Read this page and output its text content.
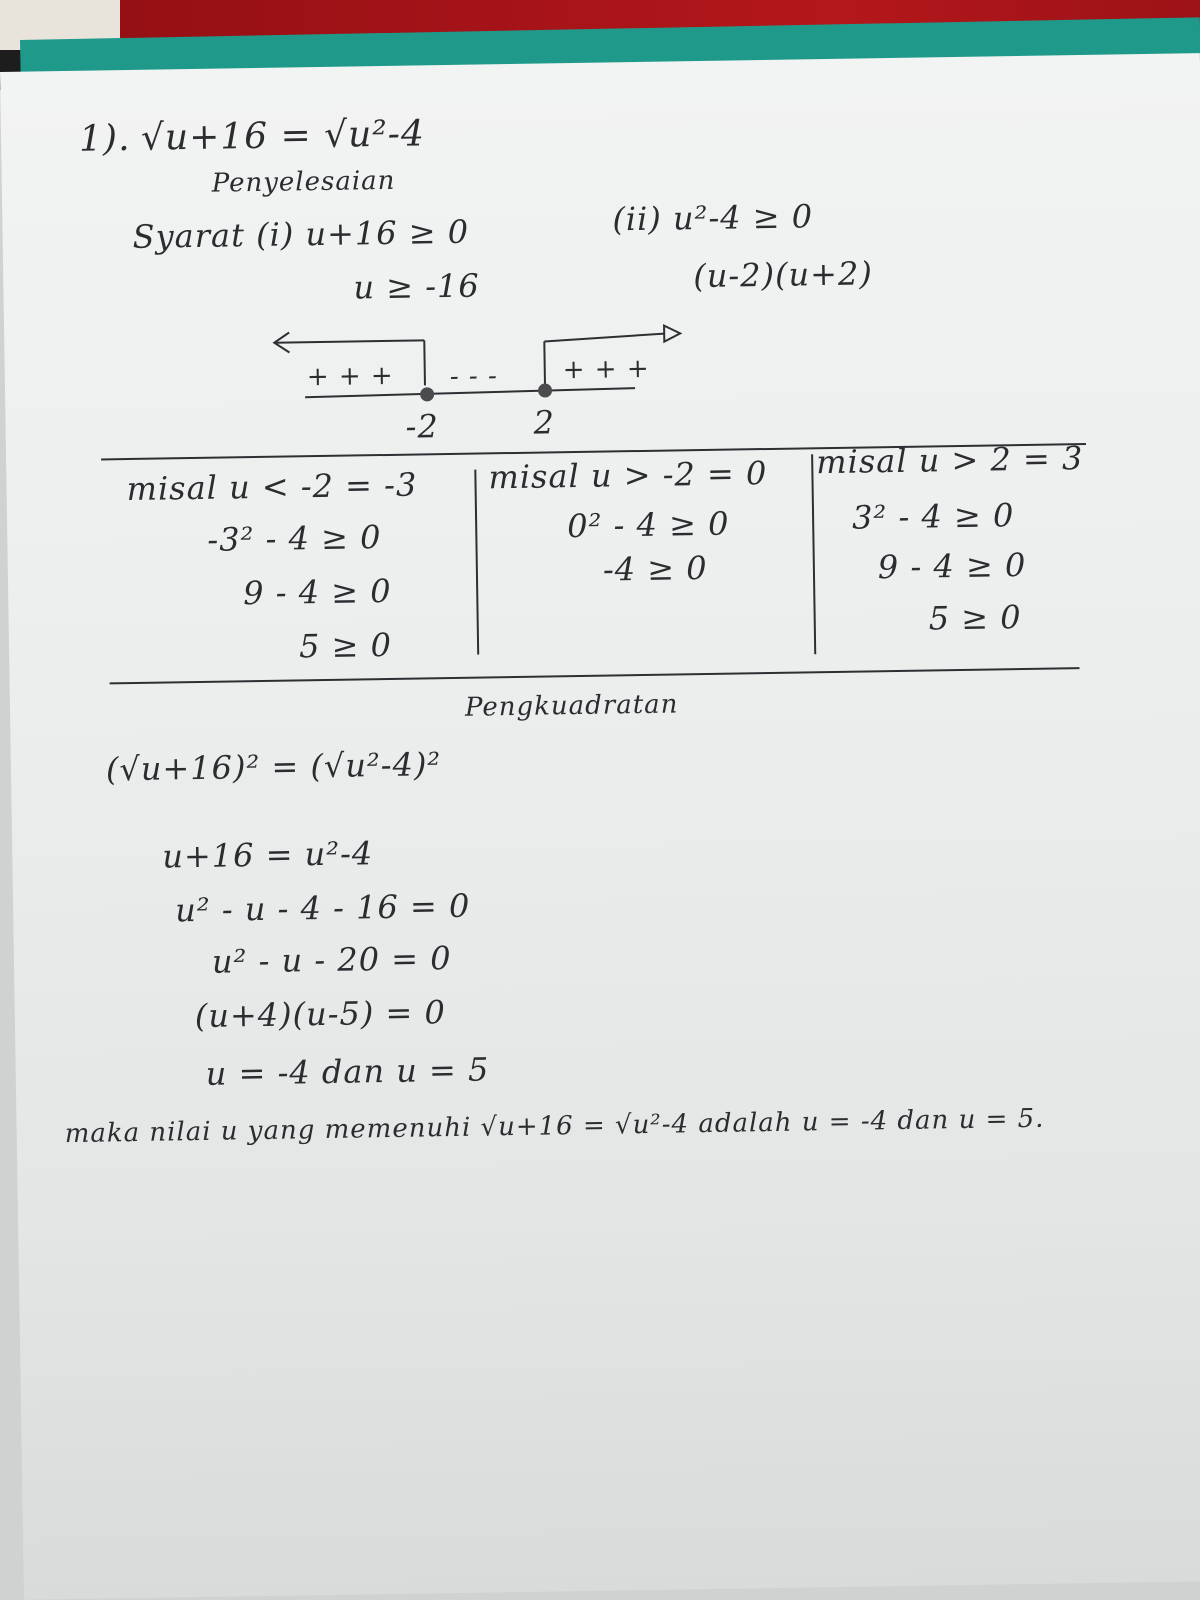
1). √u+16 = √u²-4
Penyelesaian
Syarat (i) u+16 ≥ 0
u ≥ -16
(ii) u²-4 ≥ 0
(u-2)(u+2)
+ + + - - - + + +
-2	2
misal u < -2 = -3
-3² - 4 ≥ 0
9 - 4 ≥ 0
5 ≥ 0
misal u > -2 = 0
0² - 4 ≥ 0
-4 ≥ 0
misal u > 2 = 3
3² - 4 ≥ 0
9 - 4 ≥ 0
5 ≥ 0
Pengkuadratan
(√u+16)² = (√u²-4)²
u+16 = u²-4
u² - u - 4 - 16 = 0
u² - u - 20 = 0
(u+4)(u-5) = 0
u = -4 dan u = 5
maka nilai u yang memenuhi √u+16 = √u²-4 adalah u = -4 dan u = 5.
